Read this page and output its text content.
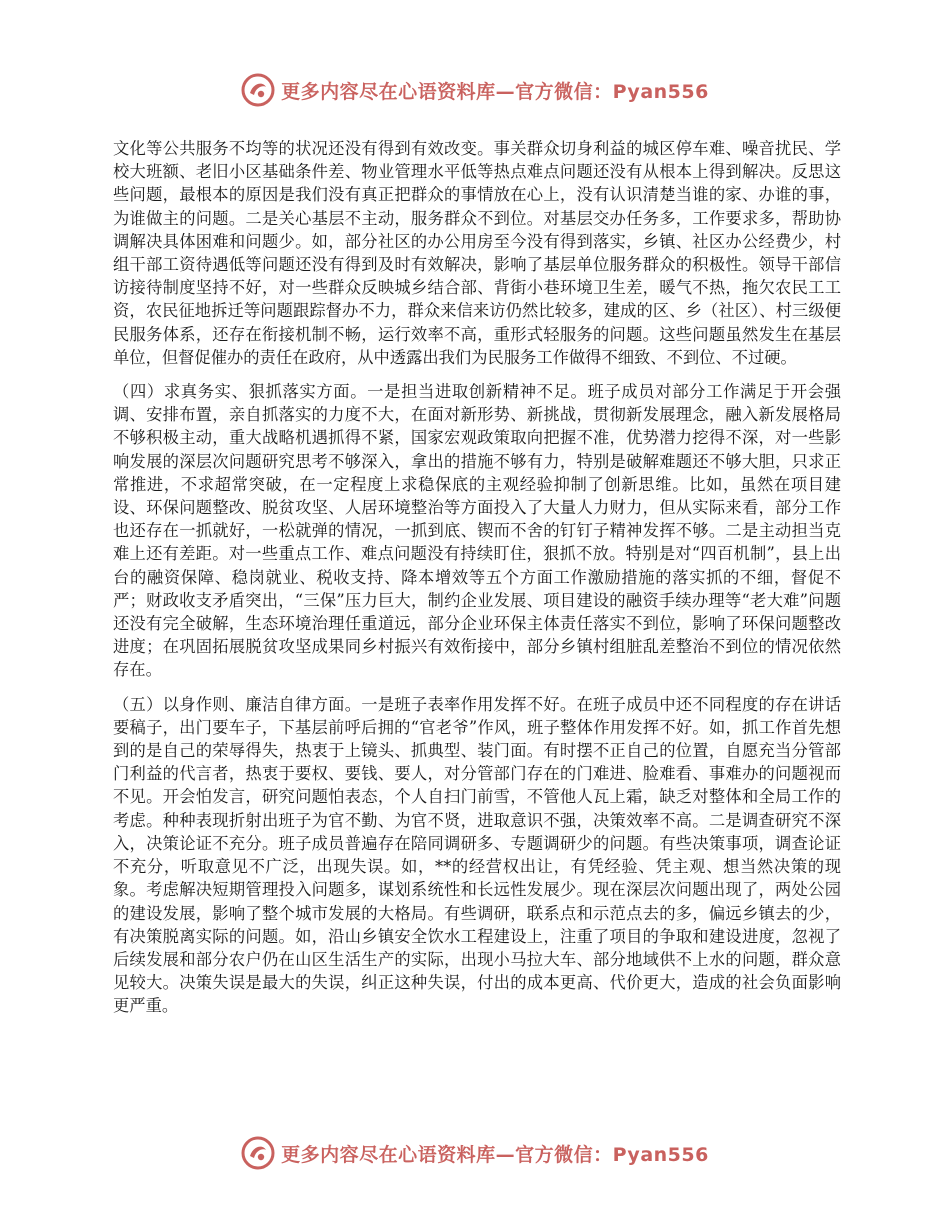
更多内容尽在心语资料库—官方微信：Pyan556

文化等公共服务不均等的状况还没有得到有效改变。事关群众切身利益的城区停车难、噪音扰民、学校大班额、老旧小区基础条件差、物业管理水平低等热点难点问题还没有从根本上得到解决。反思这些问题，最根本的原因是我们没有真正把群众的事情放在心上，没有认识清楚当谁的家、办谁的事，为谁做主的问题。二是关心基层不主动，服务群众不到位。对基层交办任务多，工作要求多，帮助协调解决具体困难和问题少。如，部分社区的办公用房至今没有得到落实，乡镇、社区办公经费少，村组干部工资待遇低等问题还没有得到及时有效解决，影响了基层单位服务群众的积极性。领导干部信访接待制度坚持不好，对一些群众反映城乡结合部、背街小巷环境卫生差，暖气不热，拖欠农民工工资，农民征地拆迁等问题跟踪督办不力，群众来信来访仍然比较多，建成的区、乡（社区）、村三级便民服务体系，还存在衔接机制不畅，运行效率不高，重形式轻服务的问题。这些问题虽然发生在基层单位，但督促催办的责任在政府，从中透露出我们为民服务工作做得不细致、不到位、不过硬。

（四）求真务实、狠抓落实方面。一是担当进取创新精神不足。班子成员对部分工作满足于开会强调、安排布置，亲自抓落实的力度不大，在面对新形势、新挑战，贯彻新发展理念，融入新发展格局不够积极主动，重大战略机遇抓得不紧，国家宏观政策取向把握不准，优势潜力挖得不深，对一些影响发展的深层次问题研究思考不够深入，拿出的措施不够有力，特别是破解难题还不够大胆，只求正常推进，不求超常突破，在一定程度上求稳保底的主观经验抑制了创新思维。比如，虽然在项目建设、环保问题整改、脱贫攻坚、人居环境整治等方面投入了大量人力财力，但从实际来看，部分工作也还存在一抓就好，一松就弹的情况，一抓到底、锲而不舍的钉钉子精神发挥不够。二是主动担当克难上还有差距。对一些重点工作、难点问题没有持续盯住，狠抓不放。特别是对“四百机制”，县上出台的融资保障、稳岗就业、税收支持、降本增效等五个方面工作激励措施的落实抓的不细，督促不严；财政收支矛盾突出，“三保”压力巨大，制约企业发展、项目建设的融资手续办理等“老大难”问题还没有完全破解，生态环境治理任重道远，部分企业环保主体责任落实不到位，影响了环保问题整改进度；在巩固拓展脱贫攻坚成果同乡村振兴有效衔接中，部分乡镇村组脏乱差整治不到位的情况依然存在。

（五）以身作则、廉洁自律方面。一是班子表率作用发挥不好。在班子成员中还不同程度的存在讲话要稿子，出门要车子，下基层前呼后拥的“官老爷”作风，班子整体作用发挥不好。如，抓工作首先想到的是自己的荣辱得失，热衷于上镜头、抓典型、装门面。有时摆不正自己的位置，自愿充当分管部门利益的代言者，热衷于要权、要钱、要人，对分管部门存在的门难进、脸难看、事难办的问题视而不见。开会怕发言，研究问题怕表态，个人自扫门前雪，不管他人瓦上霜，缺乏对整体和全局工作的考虑。种种表现折射出班子为官不勤、为官不贤，进取意识不强，决策效率不高。二是调查研究不深入，决策论证不充分。班子成员普遍存在陪同调研多、专题调研少的问题。有些决策事项，调查论证不充分，听取意见不广泛，出现失误。如，**的经营权出让，有凭经验、凭主观、想当然决策的现象。考虑解决短期管理投入问题多，谋划系统性和长远性发展少。现在深层次问题出现了，两处公园的建设发展，影响了整个城市发展的大格局。有些调研，联系点和示范点去的多，偏远乡镇去的少，有决策脱离实际的问题。如，沿山乡镇安全饮水工程建设上，注重了项目的争取和建设进度，忽视了后续发展和部分农户仍在山区生活生产的实际，出现小马拉大车、部分地域供不上水的问题，群众意见较大。决策失误是最大的失误，纠正这种失误，付出的成本更高、代价更大，造成的社会负面影响更严重。

更多内容尽在心语资料库—官方微信：Pyan556
